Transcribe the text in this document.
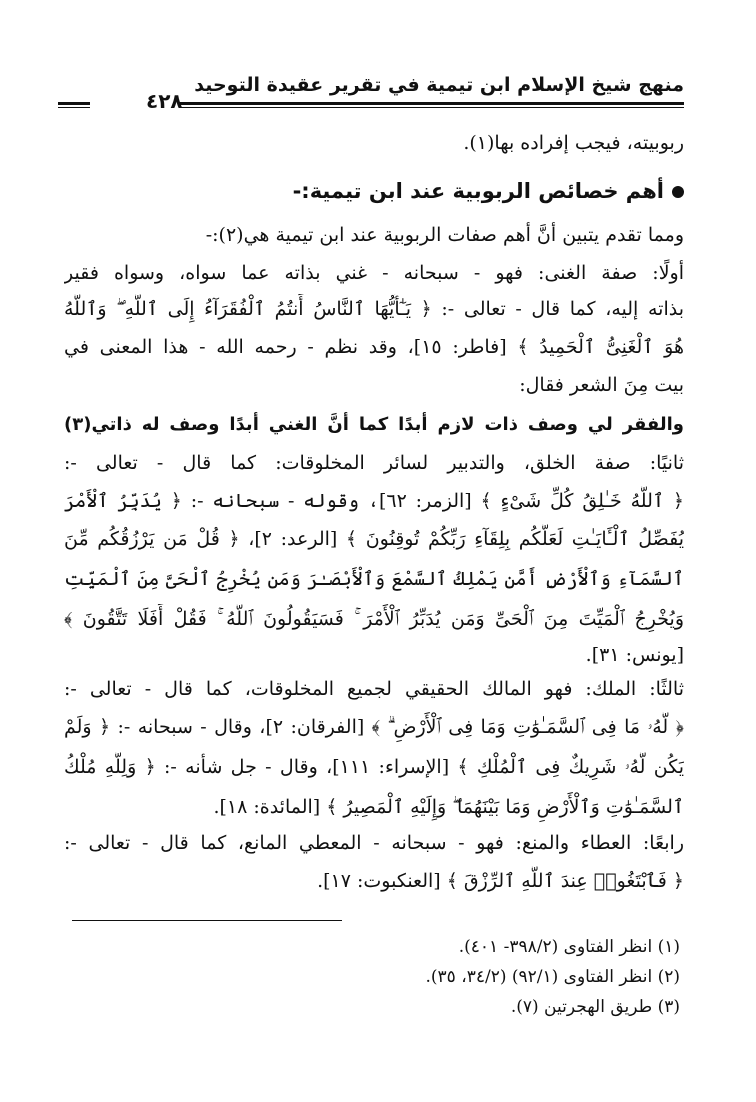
منهج شيخ الإسلام ابن تيمية في تقرير عقيدة التوحيد
٤٢٨
ربوبيته، فيجب إفراده بها(١).
أهم خصائص الربوبية عند ابن تيمية:-
ومما تقدم يتبين أنَّ أهم صفات الربوبية عند ابن تيمية هي(٢):-
أولًا: صفة الغنى: فهو - سبحانه - غني بذاته عما سواه، وسواه فقير
بذاته إليه، كما قال - تعالى -: ﴿ يَـٰٓأَيُّهَا ٱلنَّاسُ أَنتُمُ ٱلْفُقَرَآءُ إِلَى ٱللَّهِ ۖ وَٱللَّهُ
هُوَ ٱلْغَنِىُّ ٱلْحَمِيدُ ﴾ [فاطر: ١٥]، وقد نظم - رحمه الله - هذا المعنى في
بيت مِنَ الشعر فقال:
والفقر لي وصف ذات لازم أبدًا كما أنَّ الغني أبدًا وصف له ذاتي(٣)
ثانيًا: صفة الخلق، والتدبير لسائر المخلوقات: كما قال - تعالى -:
﴿ ٱللَّهُ خَـٰلِقُ كُلِّ شَىْءٍ ﴾ [الزمر: ٦٢]، وقوله - سبحانه -: ﴿ يُدَبِّرُ ٱلْأَمْرَ
يُفَصِّلُ ٱلْـَٔايَـٰتِ لَعَلَّكُم بِلِقَآءِ رَبِّكُمْ تُوقِنُونَ ﴾ [الرعد: ٢]، ﴿ قُلْ مَن يَرْزُقُكُم مِّنَ
ٱلسَّمَآءِ وَٱلْأَرْضِ أَمَّن يَمْلِكُ ٱلسَّمْعَ وَٱلْأَبْصَـٰرَ وَمَن يُخْرِجُ ٱلْحَىَّ مِنَ ٱلْمَيِّتِ
وَيُخْرِجُ ٱلْمَيِّتَ مِنَ ٱلْحَىِّ وَمَن يُدَبِّرُ ٱلْأَمْرَ ۚ فَسَيَقُولُونَ ٱللَّهُ ۚ فَقُلْ أَفَلَا تَتَّقُونَ ﴾
[يونس: ٣١].
ثالثًا: الملك: فهو المالك الحقيقي لجميع المخلوقات، كما قال - تعالى -:
﴿ لَّهُۥ مَا فِى ٱلسَّمَـٰوَٰتِ وَمَا فِى ٱلْأَرْضِ ۗ ﴾ [الفرقان: ٢]، وقال - سبحانه -: ﴿ وَلَمْ
يَكُن لَّهُۥ شَرِيكٌ فِى ٱلْمُلْكِ ﴾ [الإسراء: ١١١]، وقال - جل شأنه -: ﴿ وَلِلَّهِ مُلْكُ
ٱلسَّمَـٰوَٰتِ وَٱلْأَرْضِ وَمَا بَيْنَهُمَا ۖ وَإِلَيْهِ ٱلْمَصِيرُ ﴾ [المائدة: ١٨].
رابعًا: العطاء والمنع: فهو - سبحانه - المعطي المانع، كما قال - تعالى -:
﴿ فَٱبْتَغُوا۟ عِندَ ٱللَّهِ ٱلرِّزْقَ ﴾ [العنكبوت: ١٧].
(١) انظر الفتاوى (٣٩٨/٢- ٤٠١).
(٢) انظر الفتاوى (٩٢/١) (٣٤/٢، ٣٥).
(٣) طريق الهجرتين (٧).
